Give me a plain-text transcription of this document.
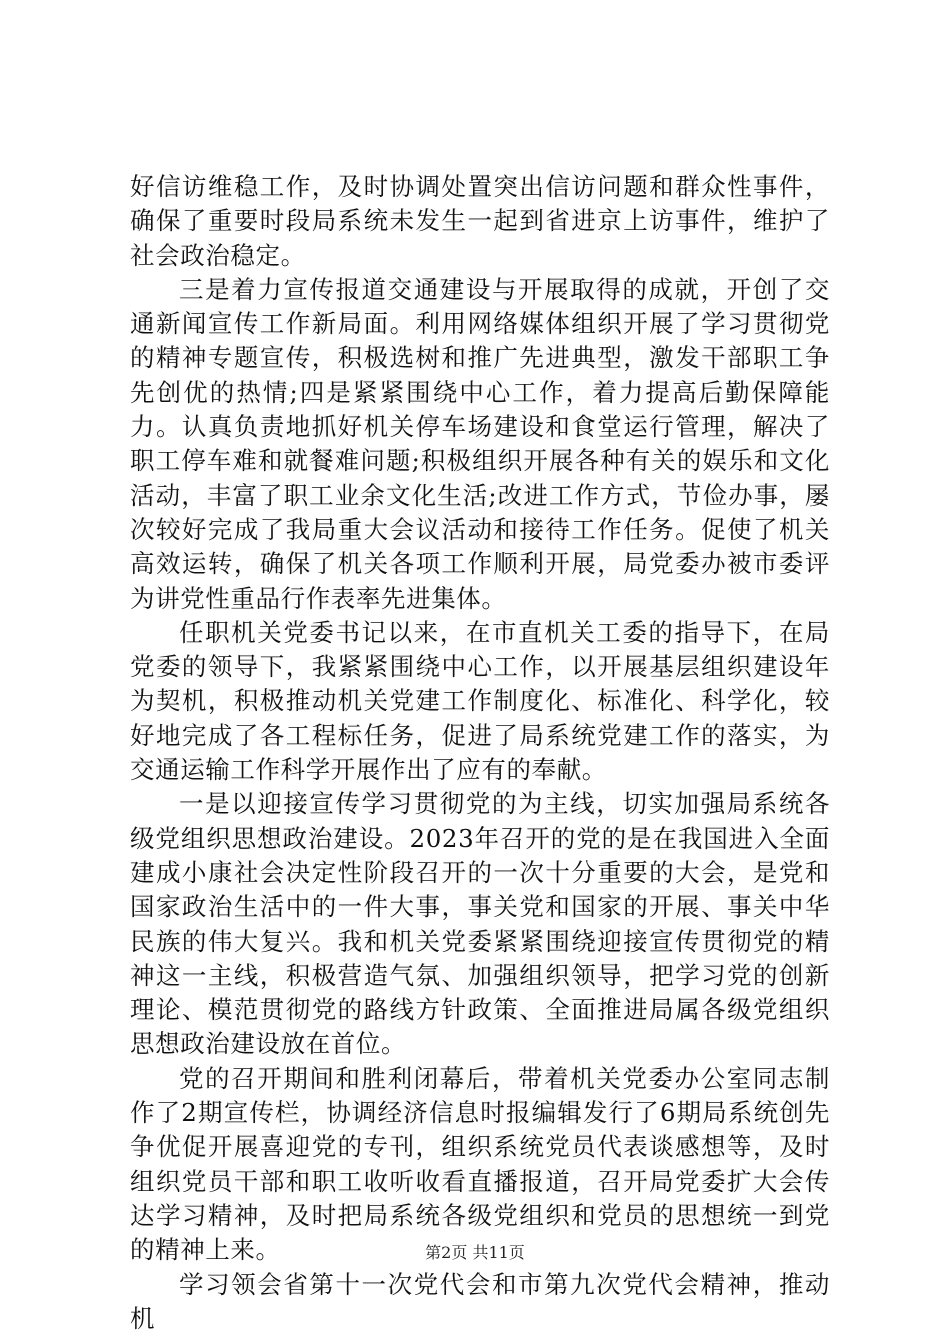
好信访维稳工作，及时协调处置突出信访问题和群众性事件，确保了重要时段局系统未发生一起到省进京上访事件，维护了社会政治稳定。

三是着力宣传报道交通建设与开展取得的成就，开创了交通新闻宣传工作新局面。利用网络媒体组织开展了学习贯彻党的精神专题宣传，积极选树和推广先进典型，激发干部职工争先创优的热情;四是紧紧围绕中心工作，着力提高后勤保障能力。认真负责地抓好机关停车场建设和食堂运行管理，解决了职工停车难和就餐难问题;积极组织开展各种有关的娱乐和文化活动，丰富了职工业余文化生活;改进工作方式，节俭办事，屡次较好完成了我局重大会议活动和接待工作任务。促使了机关高效运转，确保了机关各项工作顺利开展，局党委办被市委评为讲党性重品行作表率先进集体。

任职机关党委书记以来，在市直机关工委的指导下，在局党委的领导下，我紧紧围绕中心工作，以开展基层组织建设年为契机，积极推动机关党建工作制度化、标准化、科学化，较好地完成了各工程标任务，促进了局系统党建工作的落实，为交通运输工作科学开展作出了应有的奉献。

一是以迎接宣传学习贯彻党的为主线，切实加强局系统各级党组织思想政治建设。2023年召开的党的是在我国进入全面建成小康社会决定性阶段召开的一次十分重要的大会，是党和国家政治生活中的一件大事，事关党和国家的开展、事关中华民族的伟大复兴。我和机关党委紧紧围绕迎接宣传贯彻党的精神这一主线，积极营造气氛、加强组织领导，把学习党的创新理论、模范贯彻党的路线方针政策、全面推进局属各级党组织思想政治建设放在首位。

党的召开期间和胜利闭幕后，带着机关党委办公室同志制作了2期宣传栏，协调经济信息时报编辑发行了6期局系统创先争优促开展喜迎党的专刊，组织系统党员代表谈感想等，及时组织党员干部和职工收听收看直播报道，召开局党委扩大会传达学习精神，及时把局系统各级党组织和党员的思想统一到党的精神上来。

学习领会省第十一次党代会和市第九次党代会精神，推动机

第2页 共11页
